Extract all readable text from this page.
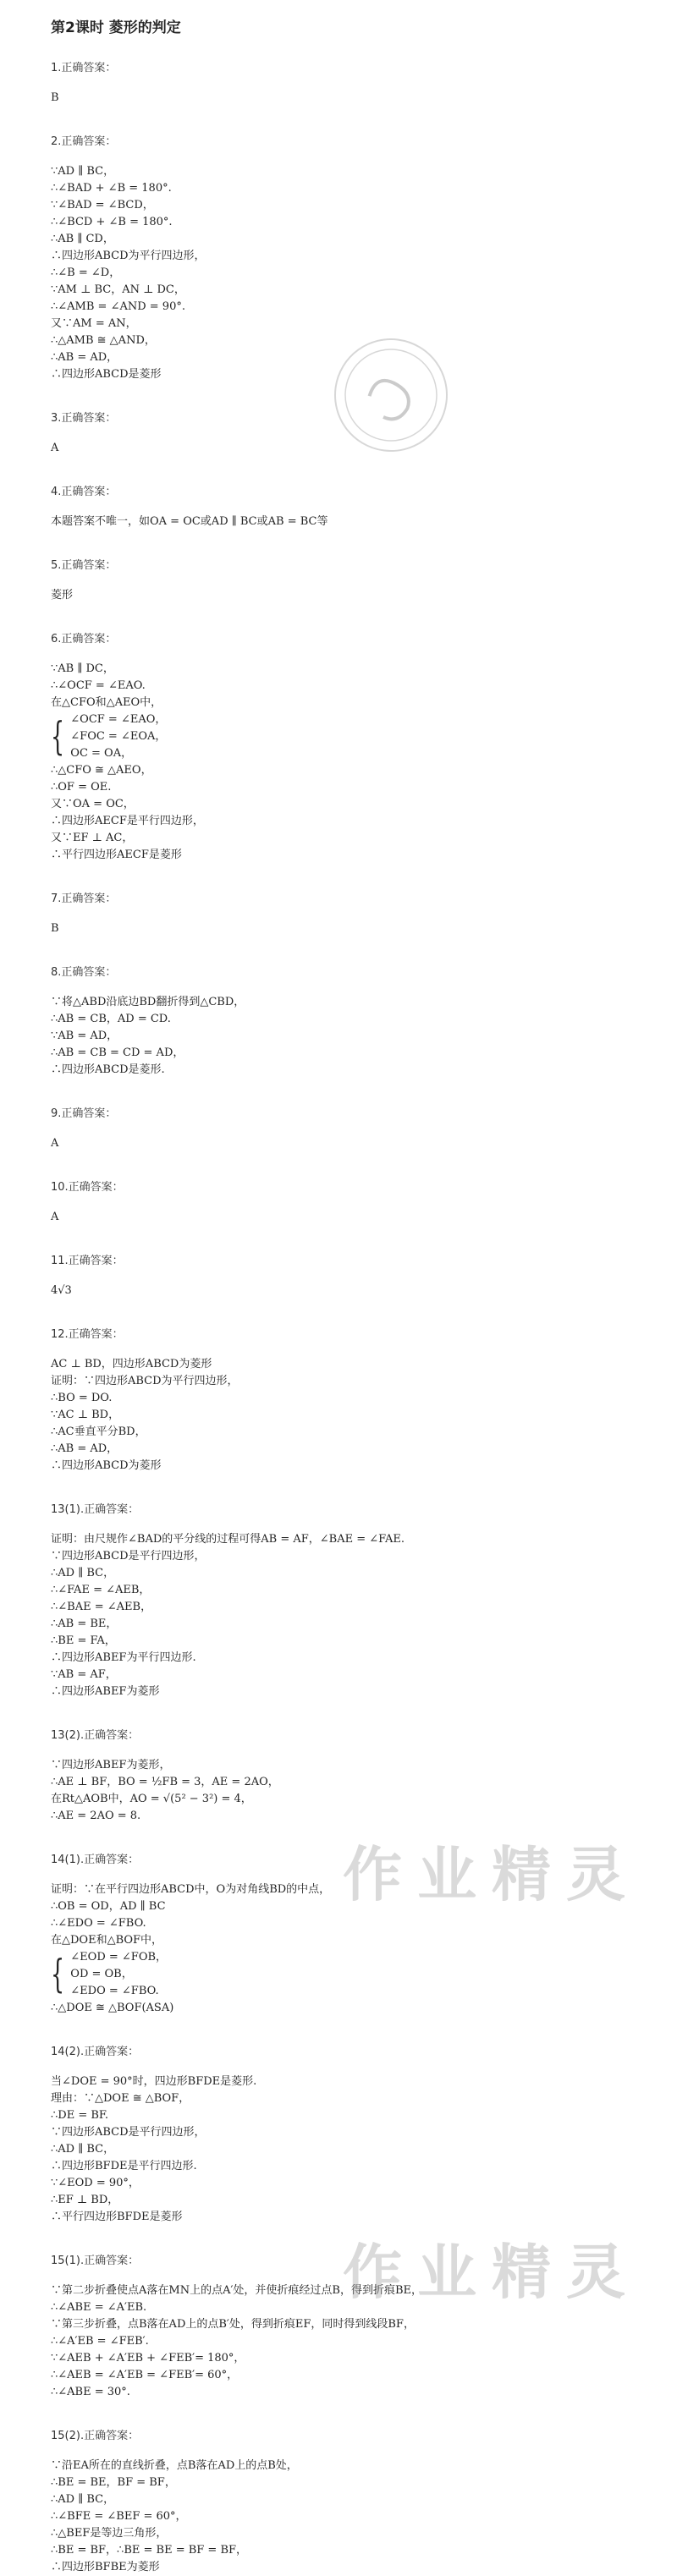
第2课时 菱形的判定
1.正确答案：
B
2.正确答案：
∵AD ∥ BC，
∴∠BAD + ∠B = 180°.
∵∠BAD = ∠BCD，
∴∠BCD + ∠B = 180°.
∴AB ∥ CD，
∴四边形ABCD为平行四边形，
∴∠B = ∠D，
∵AM ⊥ BC，AN ⊥ DC，
∴∠AMB = ∠AND = 90°.
又∵AM = AN，
∴△AMB ≅ △AND，
∴AB = AD，
∴四边形ABCD是菱形
3.正确答案：
A
4.正确答案：
本题答案不唯一，如OA = OC或AD ∥ BC或AB = BC等
5.正确答案：
菱形
6.正确答案：
∵AB ∥ DC，
∴∠OCF = ∠EAO.
在△CFO和△AEO中，
{ ∠OCF = ∠EAO，
∠FOC = ∠EOA，
OC = OA，
∴△CFO ≅ △AEO，
∴OF = OE.
又∵OA = OC，
∴四边形AECF是平行四边形，
又∵EF ⊥ AC，
∴平行四边形AECF是菱形
7.正确答案：
B
8.正确答案：
∵将△ABD沿底边BD翻折得到△CBD，
∴AB = CB，AD = CD.
∵AB = AD，
∴AB = CB = CD = AD，
∴四边形ABCD是菱形.
9.正确答案：
A
10.正确答案：
A
11.正确答案：
4√3
12.正确答案：
AC ⊥ BD，四边形ABCD为菱形
证明：∵四边形ABCD为平行四边形，
∴BO = DO.
∵AC ⊥ BD，
∴AC垂直平分BD，
∴AB = AD，
∴四边形ABCD为菱形
13(1).正确答案：
证明：由尺规作∠BAD的平分线的过程可得AB = AF，∠BAE = ∠FAE.
∵四边形ABCD是平行四边形，
∴AD ∥ BC，
∴∠FAE = ∠AEB，
∴∠BAE = ∠AEB，
∴AB = BE，
∴BE = FA，
∴四边形ABEF为平行四边形.
∵AB = AF，
∴四边形ABEF为菱形
13(2).正确答案：
∵四边形ABEF为菱形，
∴AE ⊥ BF，BO = ½FB = 3，AE = 2AO，
在Rt△AOB中，AO = √(5² − 3²) = 4，
∴AE = 2AO = 8.
14(1).正确答案：
证明：∵在平行四边形ABCD中，O为对角线BD的中点，
∴OB = OD，AD ∥ BC
∴∠EDO = ∠FBO.
在△DOE和△BOF中，
{ ∠EOD = ∠FOB，
OD = OB，
∠EDO = ∠FBO.
∴△DOE ≅ △BOF(ASA)
14(2).正确答案：
当∠DOE = 90°时，四边形BFDE是菱形.
理由：∵△DOE ≅ △BOF，
∴DE = BF.
∵四边形ABCD是平行四边形，
∴AD ∥ BC，
∴四边形BFDE是平行四边形.
∵∠EOD = 90°，
∴EF ⊥ BD，
∴平行四边形BFDE是菱形
15(1).正确答案：
∵第二步折叠使点A落在MN上的点A′处，并使折痕经过点B，得到折痕BE，
∴∠ABE = ∠A′EB.
∵第三步折叠，点B落在AD上的点B′处，得到折痕EF，同时得到线段BF，
∴∠A′EB = ∠FEB′.
∵∠AEB + ∠A′EB + ∠FEB′= 180°，
∴∠AEB = ∠A′EB = ∠FEB′= 60°，
∴∠ABE = 30°.
15(2).正确答案：
∵沿EA所在的直线折叠，点B落在AD上的点B处，
∴BE = BE，BF = BF，
∴AD ∥ BC，
∴∠BFE = ∠BEF = 60°，
∴△BEF是等边三角形，
∴BE = BF，∴BE = BE = BF = BF，
∴四边形BFBE为菱形
作业精灵
作业精灵
